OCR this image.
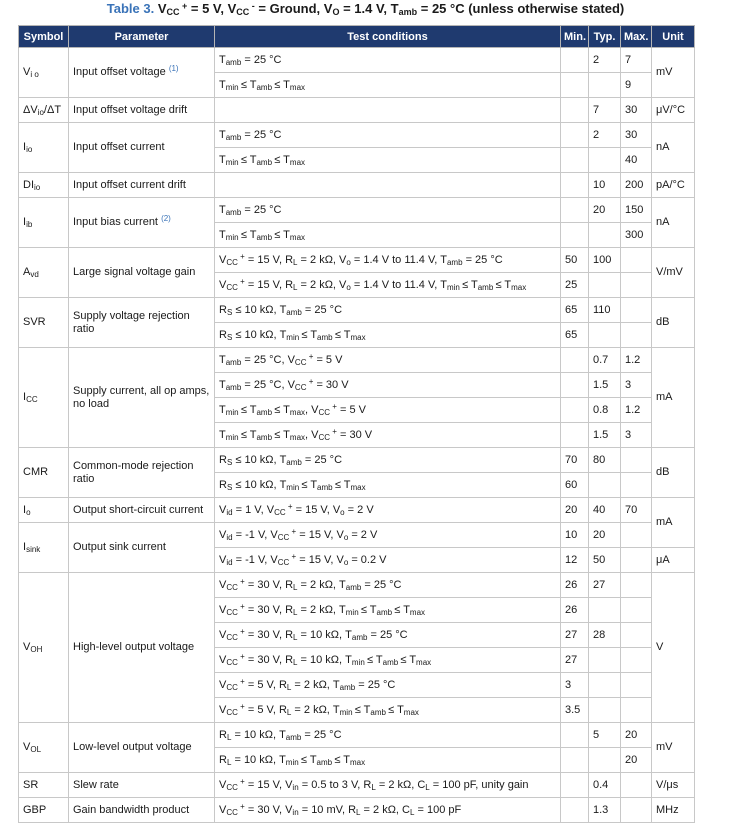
Table 3. $V_{CC}$ + = 5 V, $V_{CC}$ - = Ground, $V_O = 1.4$ V, $T_{amb} = 25$ °C (unless otherwise stated)
Symbol	Parameter	Test conditions	Min.	Typ.	Max.	Unit
$V_{i o}$	Input offset voltage $^{(1)}$	$T_{amb} = 25$ °C		2	7	mV
		$T_{min} \le T_{amb} \le T_{max}$			9	
$\Delta V_{io}/\Delta T$	Input offset voltage drift			7	30	μV/°C
$I_{io}$	Input offset current	$T_{amb} = 25$ °C		2	30	nA
		$T_{min} \le T_{amb} \le T_{max}$			40	
$DI_{io}$	Input offset current drift			10	200	pA/°C
$I_{ib}$	Input bias current $^{(2)}$	$T_{amb} = 25$ °C		20	150	nA
		$T_{min} \le T_{amb} \le T_{max}$			300	
$A_{vd}$	Large signal voltage gain	$V_{CC}$ + = 15 V, $R_L = 2$ kΩ, $V_o = 1.4$ V to 11.4 V, $T_{amb} = 25$ °C	50	100		V/mV
		$V_{CC}$ + = 15 V, $R_L = 2$ kΩ, $V_o = 1.4$ V to 11.4 V, $T_{min} \le T_{amb} \le T_{max}$	25			
SVR	Supply voltage rejection ratio	$R_S \le 10$ kΩ, $T_{amb} = 25$ °C	65	110		dB
		$R_S \le 10$ kΩ, $T_{min} \le T_{amb} \le T_{max}$	65			
$I_{CC}$	Supply current, all op amps, no load	$T_{amb} = 25$ °C, $V_{CC}$ + = 5 V		0.7	1.2	mA
		$T_{amb} = 25$ °C, $V_{CC}$ + = 30 V		1.5	3	
		$T_{min} \le T_{amb} \le T_{max}$, $V_{CC}$ + = 5 V		0.8	1.2	
		$T_{min} \le T_{amb} \le T_{max}$, $V_{CC}$ + = 30 V		1.5	3	
CMR	Common-mode rejection ratio	$R_S \le 10$ kΩ, $T_{amb} = 25$ °C	70	80		dB
		$R_S \le 10$ kΩ, $T_{min} \le T_{amb} \le T_{max}$	60			
$I_o$	Output short-circuit current	$V_{id} = 1$ V, $V_{CC}$ + = 15 V, $V_o = 2$ V	20	40	70	mA
$I_{sink}$	Output sink current	$V_{id} = -1$ V, $V_{CC}$ + = 15 V, $V_o = 2$ V	10	20		
		$V_{id} = -1$ V, $V_{CC}$ + = 15 V, $V_o = 0.2$ V	12	50		μA
$V_{OH}$	High-level output voltage	$V_{CC}$ + = 30 V, $R_L = 2$ kΩ, $T_{amb} = 25$ °C	26	27		V
		$V_{CC}$ + = 30 V, $R_L = 2$ kΩ, $T_{min} \le T_{amb} \le T_{max}$	26			
		$V_{CC}$ + = 30 V, $R_L = 10$ kΩ, $T_{amb} = 25$ °C	27	28		
		$V_{CC}$ + = 30 V, $R_L = 10$ kΩ, $T_{min} \le T_{amb} \le T_{max}$	27			
		$V_{CC}$ + = 5 V, $R_L = 2$ kΩ, $T_{amb} = 25$ °C	3			
		$V_{CC}$ + = 5 V, $R_L = 2$ kΩ, $T_{min} \le T_{amb} \le T_{max}$	3.5			
$V_{OL}$	Low-level output voltage	$R_L = 10$ kΩ, $T_{amb} = 25$ °C		5	20	mV
		$R_L = 10$ kΩ, $T_{min} \le T_{amb} \le T_{max}$			20	
SR	Slew rate	$V_{CC}$ + = 15 V, $V_{in} = 0.5$ to 3 V, $R_L = 2$ kΩ, $C_L = 100$ pF, unity gain		0.4		V/μs
GBP	Gain bandwidth product	$V_{CC}$ + = 30 V, $V_{in} = 10$ mV, $R_L = 2$ kΩ, $C_L = 100$ pF		1.3		MHz
